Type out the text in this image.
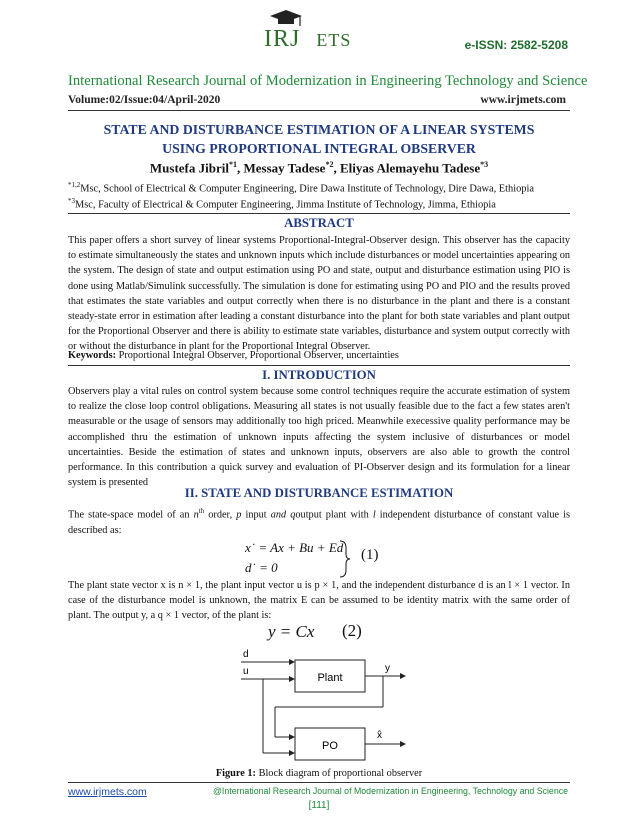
IRJ ETS	e-ISSN: 2582-5208
International Research Journal of Modernization in Engineering Technology and Science
Volume:02/Issue:04/April-2020	www.irjmets.com
STATE AND DISTURBANCE ESTIMATION OF A LINEAR SYSTEMS
USING PROPORTIONAL INTEGRAL OBSERVER
Mustefa Jibril$^{*1}$, Messay Tadese$^{*2}$, Eliyas Alemayehu Tadese$^{*3}$
$^{*1,2}$Msc, School of Electrical & Computer Engineering, Dire Dawa Institute of Technology, Dire Dawa, Ethiopia
$^{*3}$Msc, Faculty of Electrical & Computer Engineering, Jimma Institute of Technology, Jimma, Ethiopia
ABSTRACT
This paper offers a short survey of linear systems Proportional-Integral-Observer design. This observer has the capacity to estimate simultaneously the states and unknown inputs which include disturbances or model uncertainties appearing on the system. The design of state and output estimation using PO and state, output and disturbance estimation using PIO is done using Matlab/Simulink successfully. The simulation is done for estimating using PO and PIO and the results proved that estimates the state variables and output correctly when there is no disturbance in the plant and there is a constant steady-state error in estimation after leading a constant disturbance into the plant for both state variables and plant output for the Proportional Observer and there is ability to estimate state variables, disturbance and system output correctly with or without the disturbance in plant for the Proportional Integral Observer.
Keywords: Proportional Integral Observer, Proportional Observer, uncertainties
I. INTRODUCTION
Observers play a vital rules on control system because some control techniques require the accurate estimation of system to realize the close loop control obligations. Measuring all states is not usually feasible due to the fact a few states aren't measurable or the usage of sensors may additionally too high priced. Meanwhile execessive quality performance may be accomplished thru the estimation of unknown inputs affecting the system inclusive of disturbances or model uncertainties. Beside the estimation of states and unknown inputs, observers are also able to growth the control performance. In this contribution a quick survey and evaluation of PI-Observer design and its formulation for a linear system is presented
II. STATE AND DISTURBANCE ESTIMATION
The state-space model of an $n^{th}$ order, p input and qoutput plant with l independent disturbance of constant value is described as:
x˙ = Ax + Bu + Ed
d˙ = 0
(1)
The plant state vector x is n × 1, the plant input vector u is p × 1, and the independent disturbance d is an l × 1 vector. In case of the disturbance model is unknown, the matrix E can be assumed to be identity matrix with the same order of plant. The output y, a q × 1 vector, of the plant is:
y = Cx (2)
Plant
PO
d
u	y
x̂
Figure 1: Block diagram of proportional observer
www.irjmets.com	@International Research Journal of Modernization in Engineering, Technology and Science
[111]
